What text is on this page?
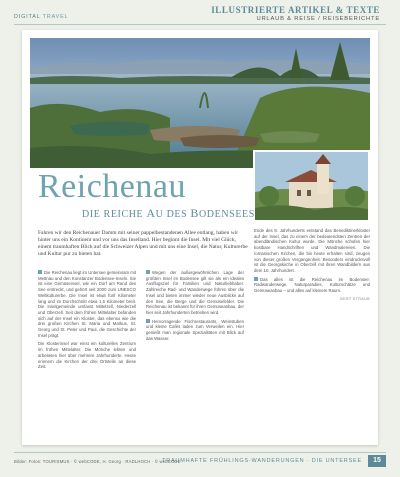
DIGITAL TRAVEL
ILLUSTRIERTE ARTIKEL & TEXTE
URLAUB & REISE / REISEBERICHTE
Reichenau
DIE REICHE AU DES BODENSEES
Fahren wir den Reichenauer Damm mit seiner pappelbestandenen Allee entlang, haben wir hinter uns ein Kontinent und vor uns das Inselland. Hier beginnt die Insel. Mit viel Glück, einem traumhaften Blick auf die Schweizer Alpen und mit uns eine Insel, die Natur, Kulturerbe und Kultur pur zu bieten hat.

Die Reichenau liegt im Untersee gemeinsam mit Mettnau und den Konstanzer Bodensee-Inseln. Sie ist eine Gemüseinsel, wie ein Dorf am Rand des See erstreckt, und gehört seit 2000 zum UNESCO Weltkulturerbe. Die Insel ist etwa fünf Kilometer lang und im Durchschnitt etwa 1,5 Kilometer breit. Die Inselgemeinde umfasst Mittelzell, Niederzell und Oberzell. Seit dem frühen Mittelalter befanden sich auf der Insel ein Kloster, das ebenso wie die drei großen Kirchen St. Maria und Markus, St. Georg und St. Peter und Paul, die Geschichte der Insel prägt.

Die Klosterinsel war einst ein kulturelles Zentrum im frühen Mittelalter. Die Mönche lebten und arbeiteten hier über mehrere Jahrhunderte. Heute erinnern die Kirchen der drei Ortsteile an diese Zeit.

Wegen der außergewöhnlichen Lage der größten Insel im Bodensee gilt sie als ein ideales Ausflugsziel für Familien und Naturliebhaber. Zahlreiche Rad- und Wanderwege führen über die Insel und bieten immer wieder neue Ausblicke auf den See, die Berge und die Gemüsefelder. Die Reichenau ist bekannt für ihren Gemüseanbau, der hier seit Jahrhunderten betrieben wird.

Hervorragende Fischrestaurants, Weinstuben und kleine Cafés laden zum Verweilen ein. Hier genießt man regionale Spezialitäten mit Blick auf das Wasser.

Ende des 8. Jahrhunderts entstand das Benediktinerkloster auf der Insel, das zu einem der bedeutendsten Zentren der abendländischen Kultur wurde. Die Mönche schufen hier kostbare Handschriften und Wandmalereien. Die romanischen Kirchen, die bis heute erhalten sind, zeugen von dieser großen Vergangenheit. Besonders eindrucksvoll ist die Georgskirche in Oberzell mit ihren Wandbildern aus dem 10. Jahrhundert.

Das alles ist die Reichenau im Bodensee: Radwanderwege, Naturparadies, Kulturschätze und Gemüseanbau – und alles auf kleinem Raum.

BERT STRAUB

Bilder: Fotos: TOURISMUS · © webCODE, H. Georg · RADLHOCH · © webCODE
TRAUMHAFTE FRÜHLINGS-WANDERUNGEN · DIE UNTERSEE	15
